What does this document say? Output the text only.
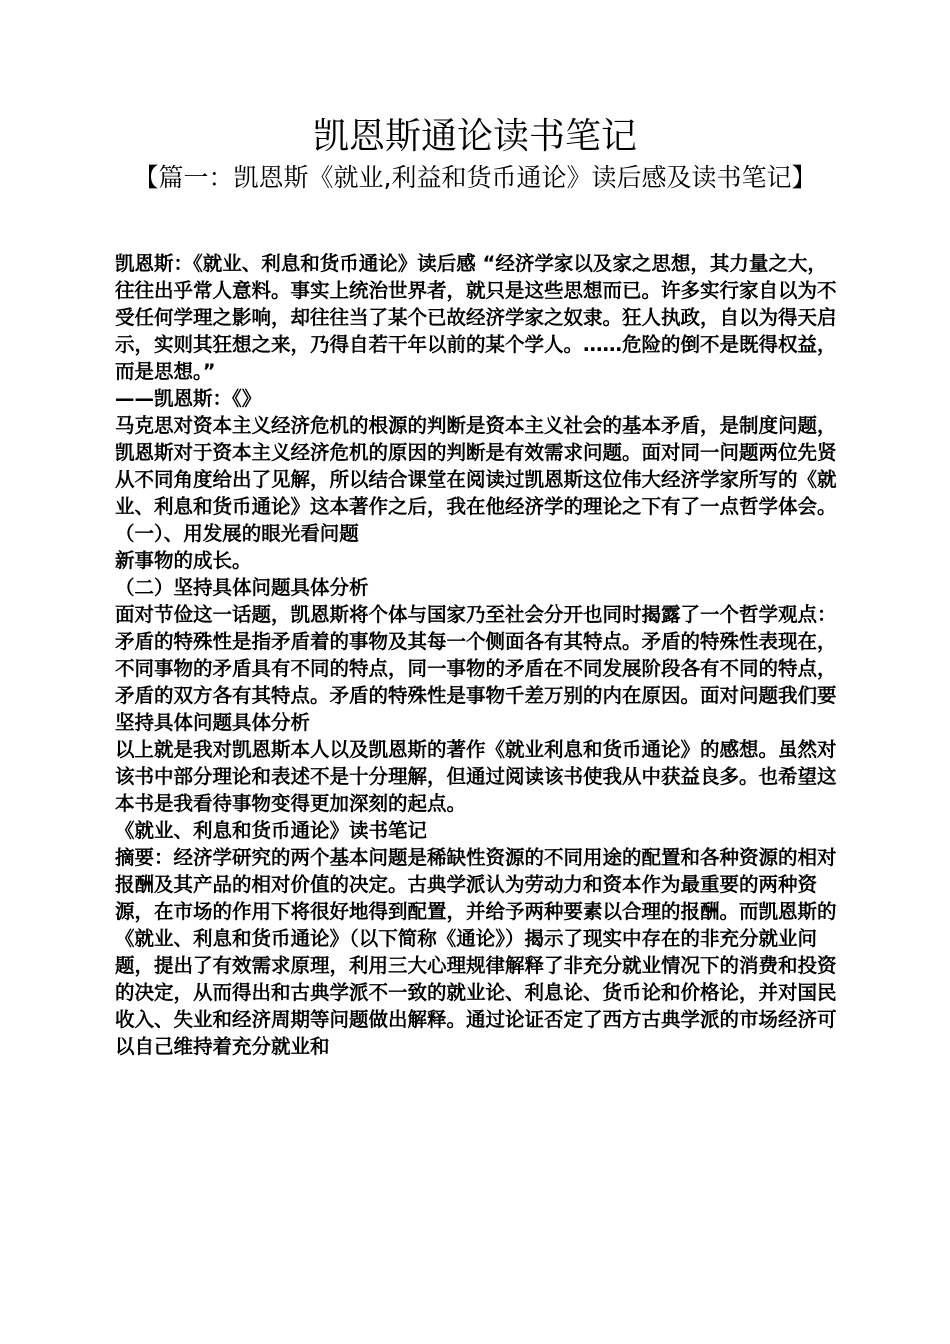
凯恩斯通论读书笔记
【篇一：凯恩斯《就业,利益和货币通论》读后感及读书笔记】

凯恩斯：《就业、利息和货币通论》读后感 “经济学家以及家之思想，其力量之大，往往出乎常人意料。事实上统治世界者，就只是这些思想而已。许多实行家自以为不受任何学理之影响，却往往当了某个已故经济学家之奴隶。狂人执政，自以为得天启示，实则其狂想之来，乃得自若干年以前的某个学人。……危险的倒不是既得权益，而是思想。”

——凯恩斯：《》

马克思对资本主义经济危机的根源的判断是资本主义社会的基本矛盾，是制度问题，凯恩斯对于资本主义经济危机的原因的判断是有效需求问题。面对同一问题两位先贤从不同角度给出了见解，所以结合课堂在阅读过凯恩斯这位伟大经济学家所写的《就业、利息和货币通论》这本著作之后，我在他经济学的理论之下有了一点哲学体会。

（一）、用发展的眼光看问题

新事物的成长。

（二）坚持具体问题具体分析

面对节俭这一话题，凯恩斯将个体与国家乃至社会分开也同时揭露了一个哲学观点：矛盾的特殊性是指矛盾着的事物及其每一个侧面各有其特点。矛盾的特殊性表现在，不同事物的矛盾具有不同的特点，同一事物的矛盾在不同发展阶段各有不同的特点，矛盾的双方各有其特点。矛盾的特殊性是事物千差万别的内在原因。面对问题我们要坚持具体问题具体分析

以上就是我对凯恩斯本人以及凯恩斯的著作《就业利息和货币通论》的感想。虽然对该书中部分理论和表述不是十分理解，但通过阅读该书使我从中获益良多。也希望这本书是我看待事物变得更加深刻的起点。

《就业、利息和货币通论》读书笔记

摘要：经济学研究的两个基本问题是稀缺性资源的不同用途的配置和各种资源的相对报酬及其产品的相对价值的决定。古典学派认为劳动力和资本作为最重要的两种资源，在市场的作用下将很好地得到配置，并给予两种要素以合理的报酬。而凯恩斯的《就业、利息和货币通论》（以下简称《通论》）揭示了现实中存在的非充分就业问题，提出了有效需求原理，利用三大心理规律解释了非充分就业情况下的消费和投资的决定，从而得出和古典学派不一致的就业论、利息论、货币论和价格论，并对国民收入、失业和经济周期等问题做出解释。通过论证否定了西方古典学派的市场经济可以自己维持着充分就业和
